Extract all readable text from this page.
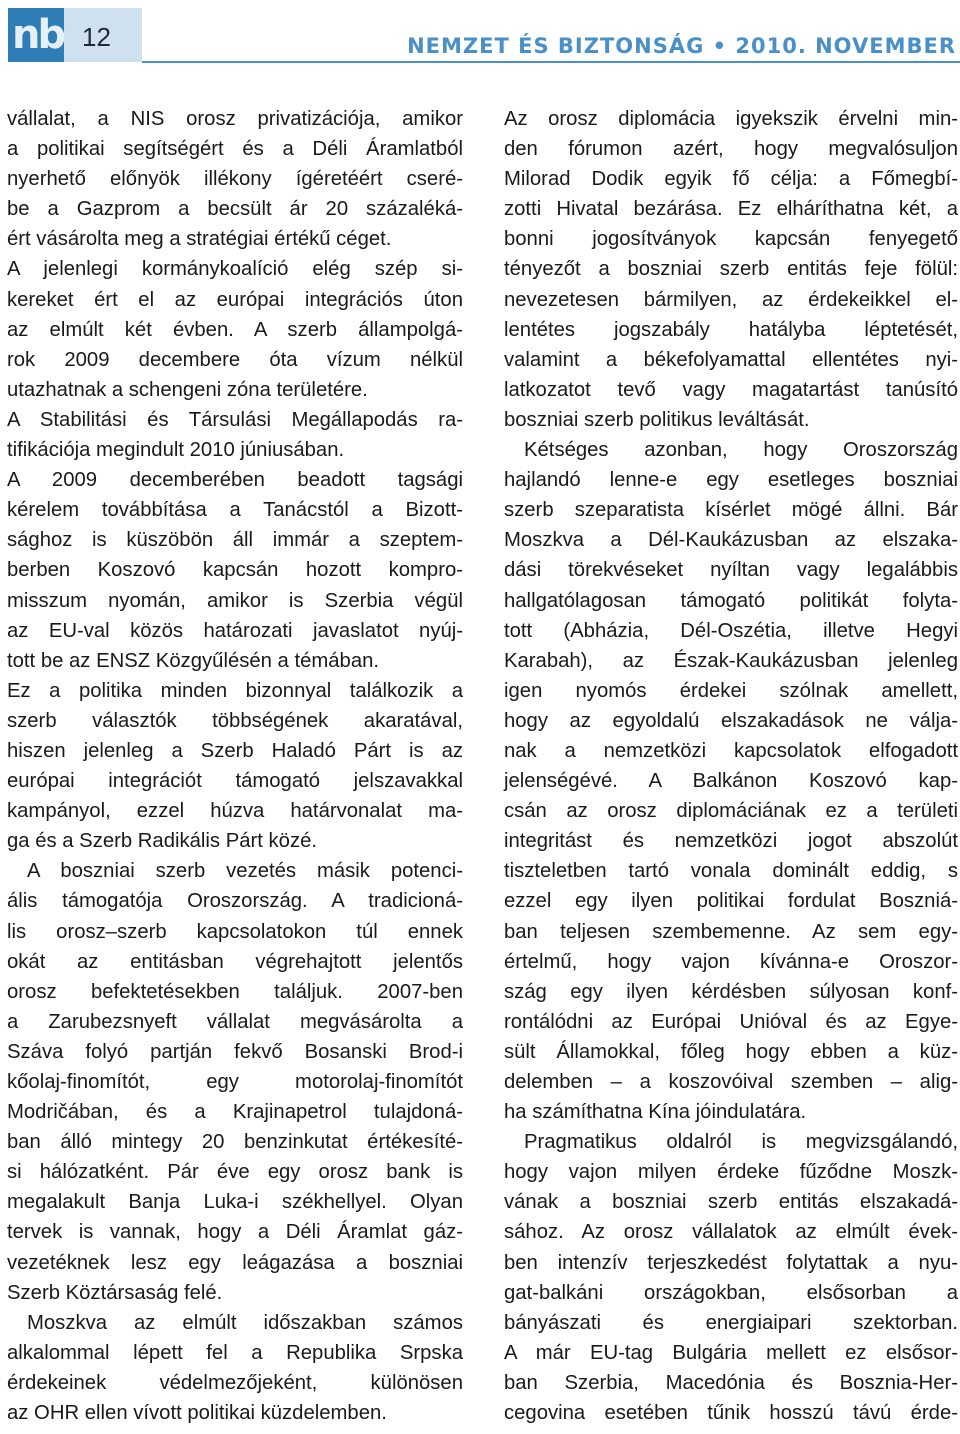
nb 12	NEMZET ÉS BIZTONSÁG • 2010. NOVEMBER
vállalat, a NIS orosz privatizációja, amikor
a politikai segítségért és a Déli Áramlatból
nyerhető előnyök illékony ígéretéért cseré-
be a Gazprom a becsült ár 20 százaléká-
ért vásárolta meg a stratégiai értékű céget.
A jelenlegi kormánykoalíció elég szép si-
kereket ért el az európai integrációs úton
az elmúlt két évben. A szerb állampolgá-
rok 2009 decembere óta vízum nélkül
utazhatnak a schengeni zóna területére.
A Stabilitási és Társulási Megállapodás ra-
tifikációja megindult 2010 júniusában.
A 2009 decemberében beadott tagsági
kérelem továbbítása a Tanácstól a Bizott-
sághoz is küszöbön áll immár a szeptem-
berben Koszovó kapcsán hozott kompro-
misszum nyomán, amikor is Szerbia végül
az EU-val közös határozati javaslatot nyúj-
tott be az ENSZ Közgyűlésén a témában.
Ez a politika minden bizonnyal találkozik a
szerb választók többségének akaratával,
hiszen jelenleg a Szerb Haladó Párt is az
európai integrációt támogató jelszavakkal
kampányol, ezzel húzva határvonalat ma-
ga és a Szerb Radikális Párt közé.
A boszniai szerb vezetés másik potenci-
ális támogatója Oroszország. A tradicioná-
lis orosz–szerb kapcsolatokon túl ennek
okát az entitásban végrehajtott jelentős
orosz befektetésekben találjuk. 2007-ben
a Zarubezsnyeft vállalat megvásárolta a
Száva folyó partján fekvő Bosanski Brod-i
kőolaj-finomítót, egy motorolaj-finomítót
Modričában, és a Krajinapetrol tulajdoná-
ban álló mintegy 20 benzinkutat értékesíté-
si hálózatként. Pár éve egy orosz bank is
megalakult Banja Luka-i székhellyel. Olyan
tervek is vannak, hogy a Déli Áramlat gáz-
vezetéknek lesz egy leágazása a boszniai
Szerb Köztársaság felé.
Moszkva az elmúlt időszakban számos
alkalommal lépett fel a Republika Srpska
érdekeinek védelmezőjeként, különösen
az OHR ellen vívott politikai küzdelemben.
Az orosz diplomácia igyekszik érvelni min-
den fórumon azért, hogy megvalósuljon
Milorad Dodik egyik fő célja: a Főmegbí-
zotti Hivatal bezárása. Ez elháríthatna két, a
bonni jogosítványok kapcsán fenyegető
tényezőt a boszniai szerb entitás feje fölül:
nevezetesen bármilyen, az érdekeikkel el-
lentétes jogszabály hatályba léptetését,
valamint a békefolyamattal ellentétes nyi-
latkozatot tevő vagy magatartást tanúsító
boszniai szerb politikus leváltását.
Kétséges azonban, hogy Oroszország
hajlandó lenne-e egy esetleges boszniai
szerb szeparatista kísérlet mögé állni. Bár
Moszkva a Dél-Kaukázusban az elszaka-
dási törekvéseket nyíltan vagy legalábbis
hallgatólagosan támogató politikát folyta-
tott (Abházia, Dél-Oszétia, illetve Hegyi
Karabah), az Észak-Kaukázusban jelenleg
igen nyomós érdekei szólnak amellett,
hogy az egyoldalú elszakadások ne válja-
nak a nemzetközi kapcsolatok elfogadott
jelenségévé. A Balkánon Koszovó kap-
csán az orosz diplomáciának ez a területi
integritást és nemzetközi jogot abszolút
tiszteletben tartó vonala dominált eddig, s
ezzel egy ilyen politikai fordulat Boszniá-
ban teljesen szembemenne. Az sem egy-
értelmű, hogy vajon kívánna-e Oroszor-
szág egy ilyen kérdésben súlyosan konf-
rontálódni az Európai Unióval és az Egye-
sült Államokkal, főleg hogy ebben a küz-
delemben – a koszovóival szemben – alig-
ha számíthatna Kína jóindulatára.
Pragmatikus oldalról is megvizsgálandó,
hogy vajon milyen érdeke fűződne Moszk-
vának a boszniai szerb entitás elszakadá-
sához. Az orosz vállalatok az elmúlt évek-
ben intenzív terjeszkedést folytattak a nyu-
gat-balkáni országokban, elsősorban a
bányászati és energiaipari szektorban.
A már EU-tag Bulgária mellett ez elsősor-
ban Szerbia, Macedónia és Bosznia-Her-
cegovina esetében tűnik hosszú távú érde-
